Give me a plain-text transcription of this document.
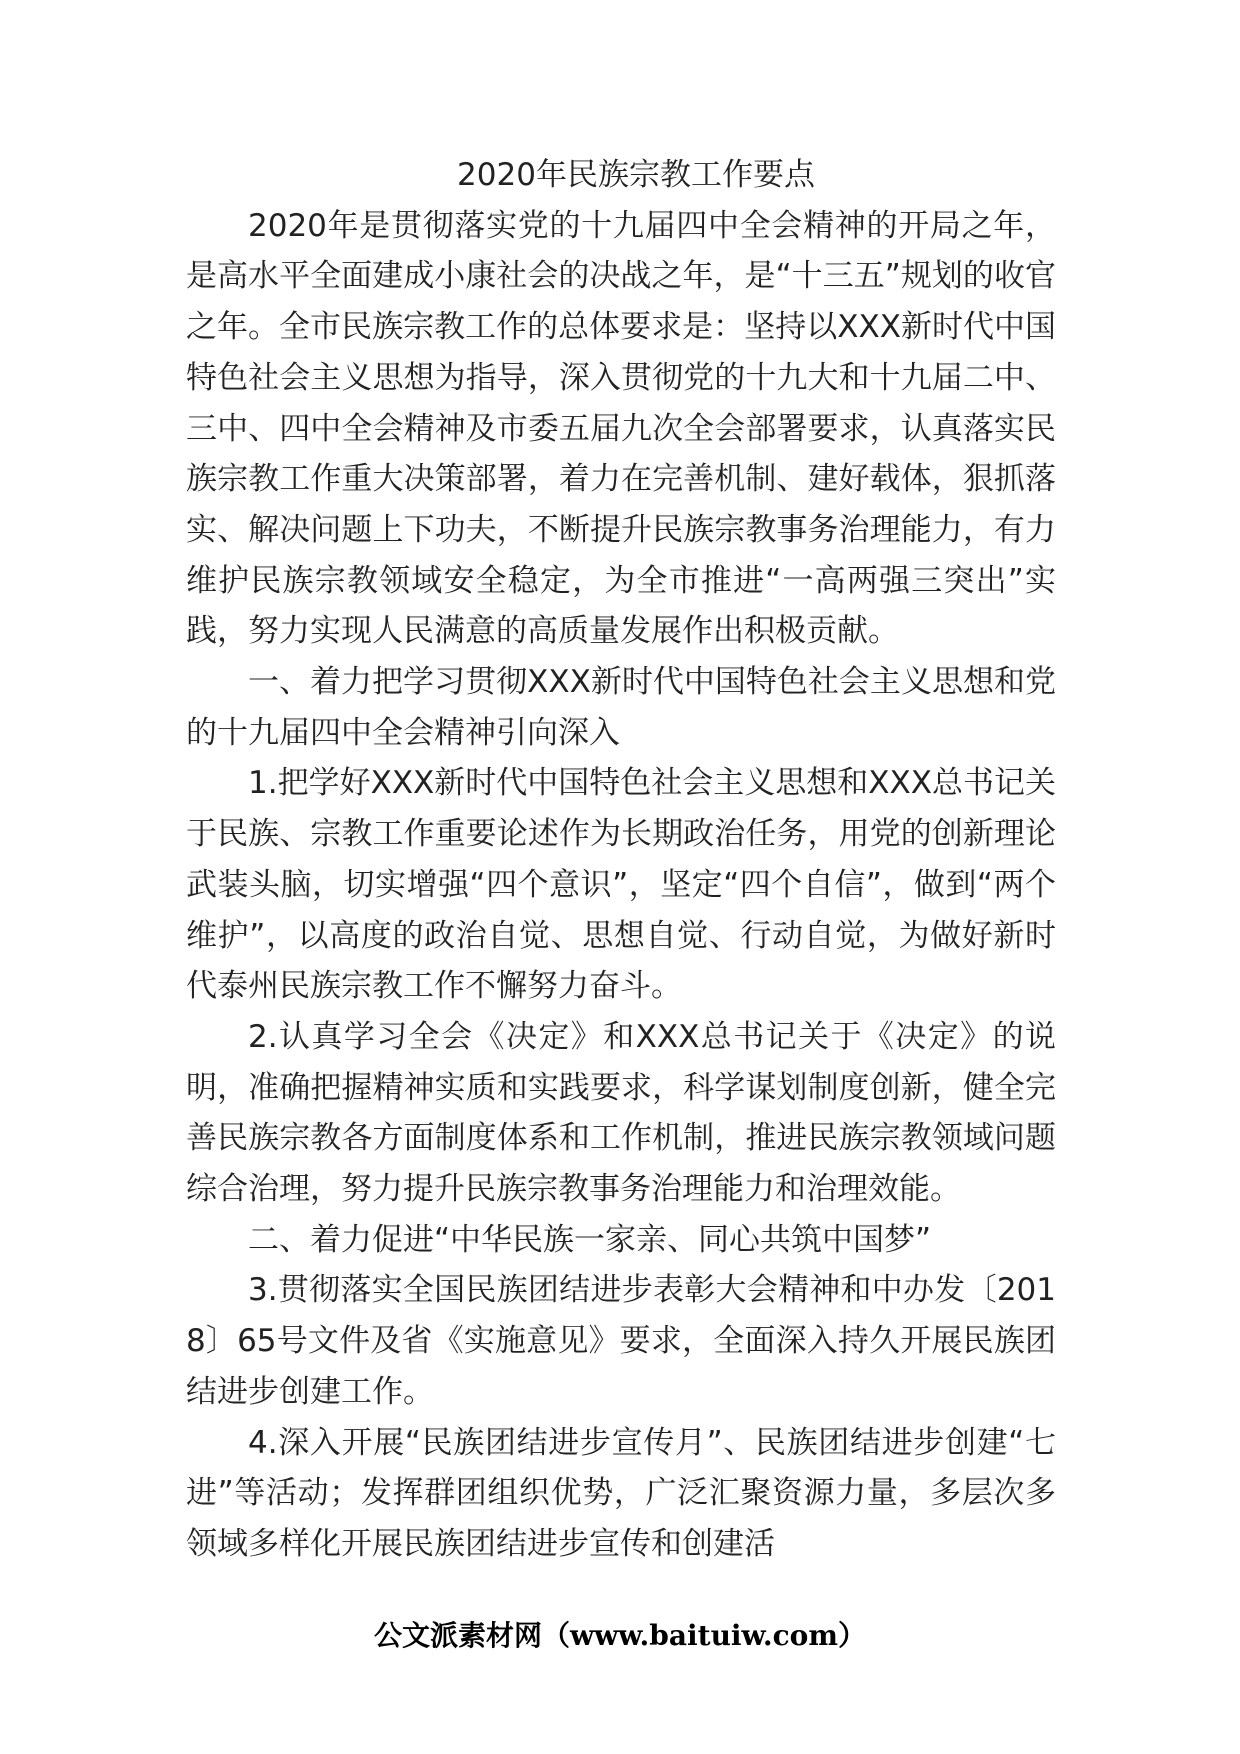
2020年民族宗教工作要点

2020年是贯彻落实党的十九届四中全会精神的开局之年，是高水平全面建成小康社会的决战之年，是“十三五”规划的收官之年。全市民族宗教工作的总体要求是：坚持以XXX新时代中国特色社会主义思想为指导，深入贯彻党的十九大和十九届二中、三中、四中全会精神及市委五届九次全会部署要求，认真落实民族宗教工作重大决策部署，着力在完善机制、建好载体，狠抓落实、解决问题上下功夫，不断提升民族宗教事务治理能力，有力维护民族宗教领域安全稳定，为全市推进“一高两强三突出”实践，努力实现人民满意的高质量发展作出积极贡献。

一、着力把学习贯彻XXX新时代中国特色社会主义思想和党的十九届四中全会精神引向深入

1.把学好XXX新时代中国特色社会主义思想和XXX总书记关于民族、宗教工作重要论述作为长期政治任务，用党的创新理论武装头脑，切实增强“四个意识”，坚定“四个自信”，做到“两个维护”，以高度的政治自觉、思想自觉、行动自觉，为做好新时代泰州民族宗教工作不懈努力奋斗。

2.认真学习全会《决定》和XXX总书记关于《决定》的说明，准确把握精神实质和实践要求，科学谋划制度创新，健全完善民族宗教各方面制度体系和工作机制，推进民族宗教领域问题综合治理，努力提升民族宗教事务治理能力和治理效能。

二、着力促进“中华民族一家亲、同心共筑中国梦”

3.贯彻落实全国民族团结进步表彰大会精神和中办发〔2018〕65号文件及省《实施意见》要求，全面深入持久开展民族团结进步创建工作。

4.深入开展“民族团结进步宣传月”、民族团结进步创建“七进”等活动；发挥群团组织优势，广泛汇聚资源力量，多层次多领域多样化开展民族团结进步宣传和创建活

公文派素材网（www.baituiw.com）
